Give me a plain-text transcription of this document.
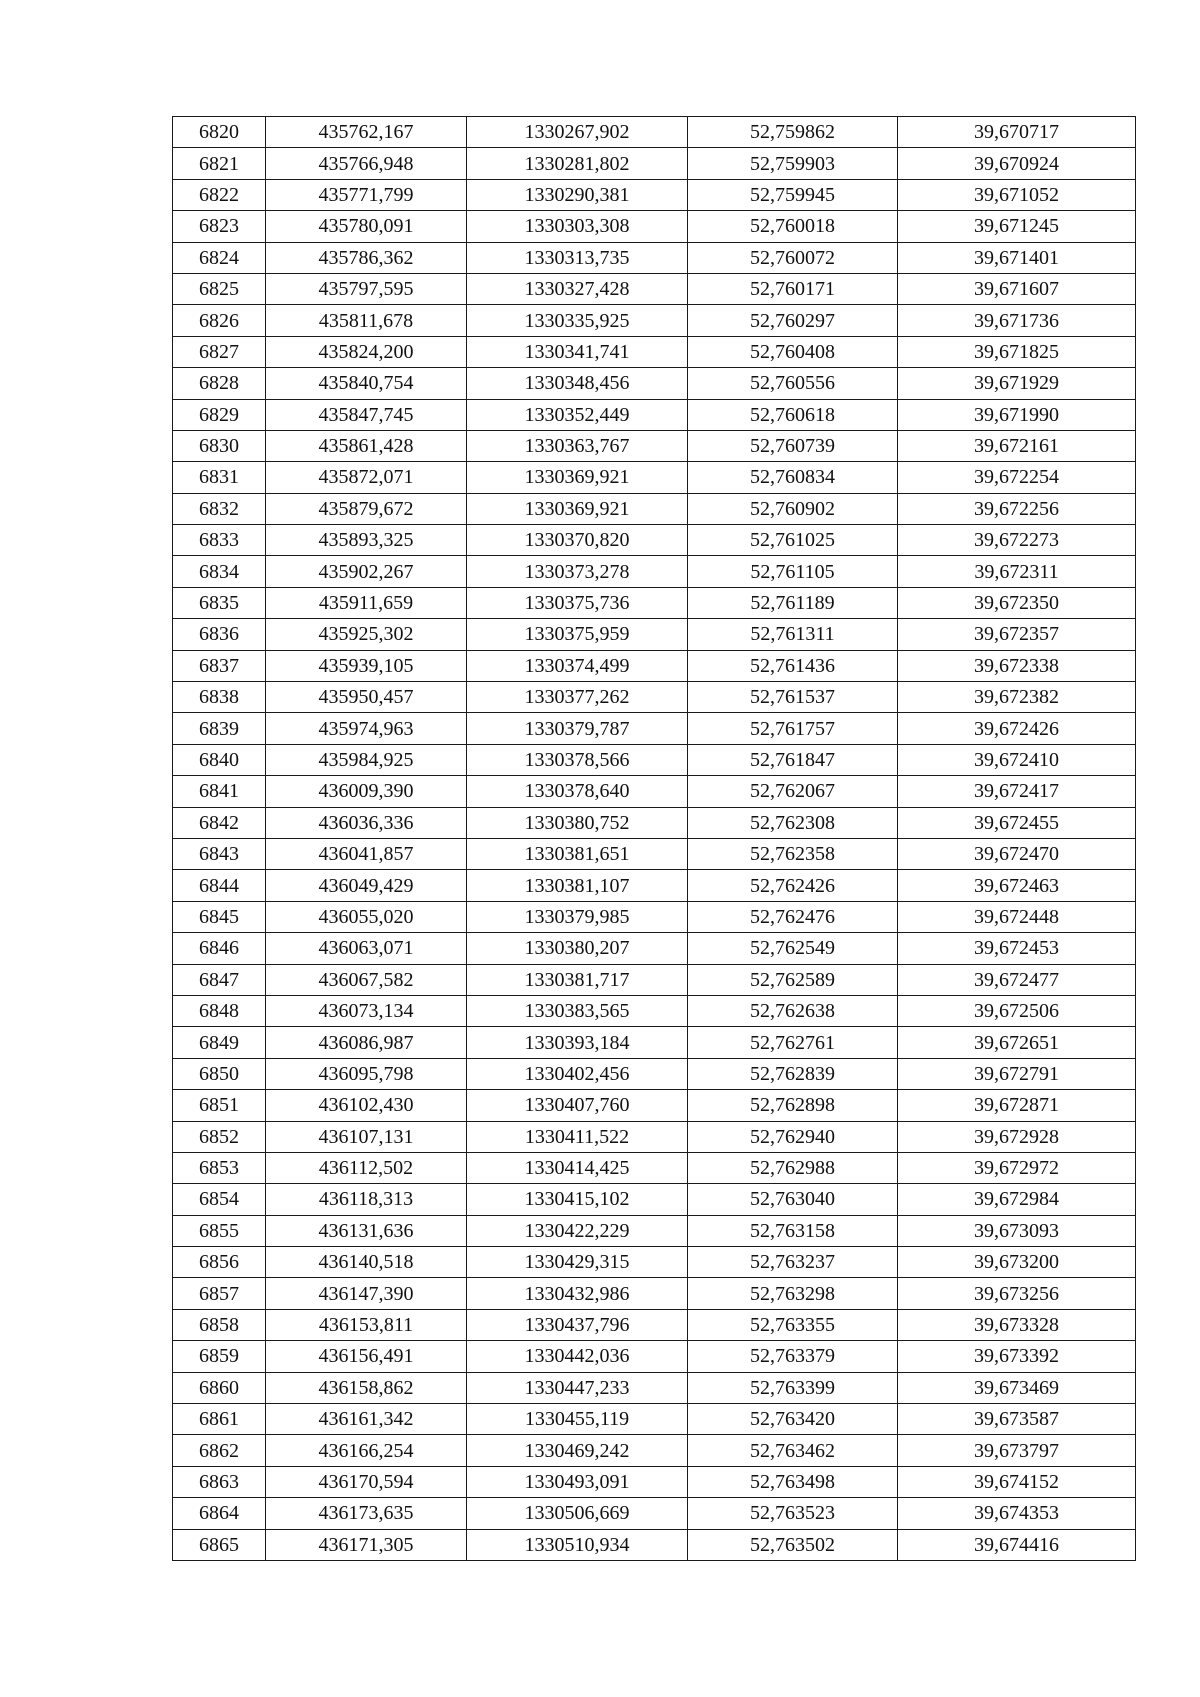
6820	435762,167	1330267,902	52,759862	39,670717
6821	435766,948	1330281,802	52,759903	39,670924
6822	435771,799	1330290,381	52,759945	39,671052
6823	435780,091	1330303,308	52,760018	39,671245
6824	435786,362	1330313,735	52,760072	39,671401
6825	435797,595	1330327,428	52,760171	39,671607
6826	435811,678	1330335,925	52,760297	39,671736
6827	435824,200	1330341,741	52,760408	39,671825
6828	435840,754	1330348,456	52,760556	39,671929
6829	435847,745	1330352,449	52,760618	39,671990
6830	435861,428	1330363,767	52,760739	39,672161
6831	435872,071	1330369,921	52,760834	39,672254
6832	435879,672	1330369,921	52,760902	39,672256
6833	435893,325	1330370,820	52,761025	39,672273
6834	435902,267	1330373,278	52,761105	39,672311
6835	435911,659	1330375,736	52,761189	39,672350
6836	435925,302	1330375,959	52,761311	39,672357
6837	435939,105	1330374,499	52,761436	39,672338
6838	435950,457	1330377,262	52,761537	39,672382
6839	435974,963	1330379,787	52,761757	39,672426
6840	435984,925	1330378,566	52,761847	39,672410
6841	436009,390	1330378,640	52,762067	39,672417
6842	436036,336	1330380,752	52,762308	39,672455
6843	436041,857	1330381,651	52,762358	39,672470
6844	436049,429	1330381,107	52,762426	39,672463
6845	436055,020	1330379,985	52,762476	39,672448
6846	436063,071	1330380,207	52,762549	39,672453
6847	436067,582	1330381,717	52,762589	39,672477
6848	436073,134	1330383,565	52,762638	39,672506
6849	436086,987	1330393,184	52,762761	39,672651
6850	436095,798	1330402,456	52,762839	39,672791
6851	436102,430	1330407,760	52,762898	39,672871
6852	436107,131	1330411,522	52,762940	39,672928
6853	436112,502	1330414,425	52,762988	39,672972
6854	436118,313	1330415,102	52,763040	39,672984
6855	436131,636	1330422,229	52,763158	39,673093
6856	436140,518	1330429,315	52,763237	39,673200
6857	436147,390	1330432,986	52,763298	39,673256
6858	436153,811	1330437,796	52,763355	39,673328
6859	436156,491	1330442,036	52,763379	39,673392
6860	436158,862	1330447,233	52,763399	39,673469
6861	436161,342	1330455,119	52,763420	39,673587
6862	436166,254	1330469,242	52,763462	39,673797
6863	436170,594	1330493,091	52,763498	39,674152
6864	436173,635	1330506,669	52,763523	39,674353
6865	436171,305	1330510,934	52,763502	39,674416
